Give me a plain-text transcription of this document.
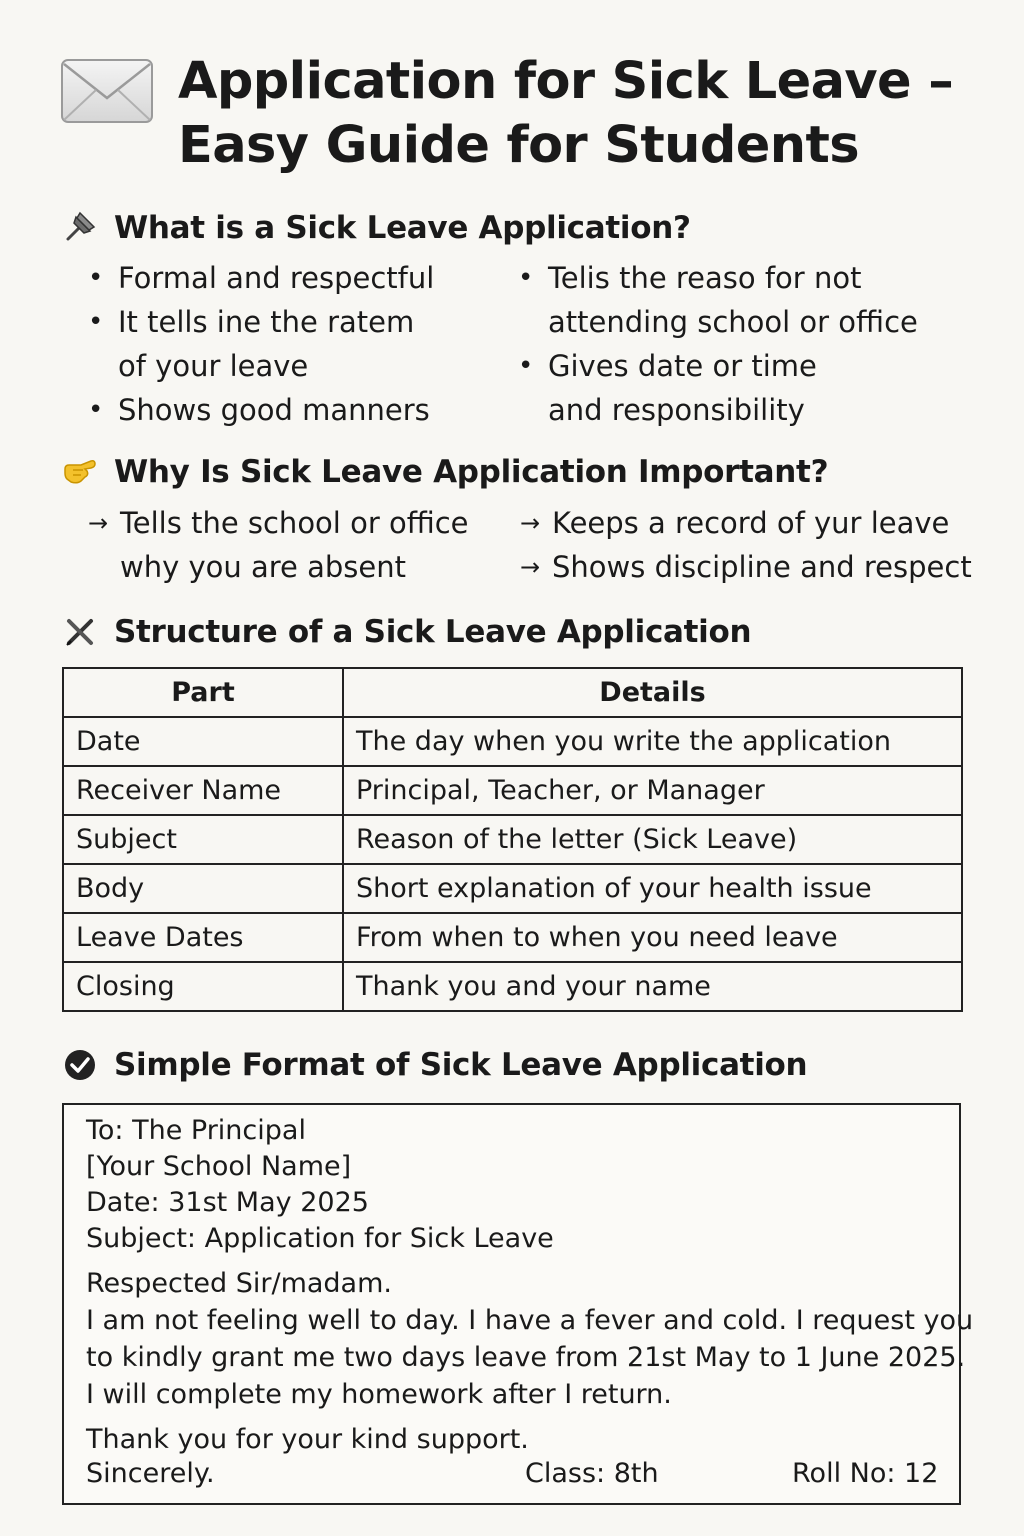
Application for Sick Leave –
Easy Guide for Students
What is a Sick Leave Application?
• Formal and respectful
• It tells ine the ratem
of your leave
• Shows good manners
• Telis the reaso for not
attending school or office
• Gives date or time
and responsibility
Why Is Sick Leave Application Important?
→ Tells the school or office
why you are absent
→ Keeps a record of yur leave
→ Shows discipline and respect
Structure of a Sick Leave Application
Part	Details
Date	The day when you write the application
Receiver Name	Principal, Teacher, or Manager
Subject	Reason of the letter (Sick Leave)
Body	Short explanation of your health issue
Leave Dates	From when to when you need leave
Closing	Thank you and your name
Simple Format of Sick Leave Application
To: The Principal
[Your School Name]
Date: 31st May 2025
Subject: Application for Sick Leave
Respected Sir/madam.
I am not feeling well to day. I have a fever and cold. I request you
to kindly grant me two days leave from 21st May to 1 June 2025.
I will complete my homework after I return.
Thank you for your kind support.
Sincerely.	Class: 8th	Roll No: 12
